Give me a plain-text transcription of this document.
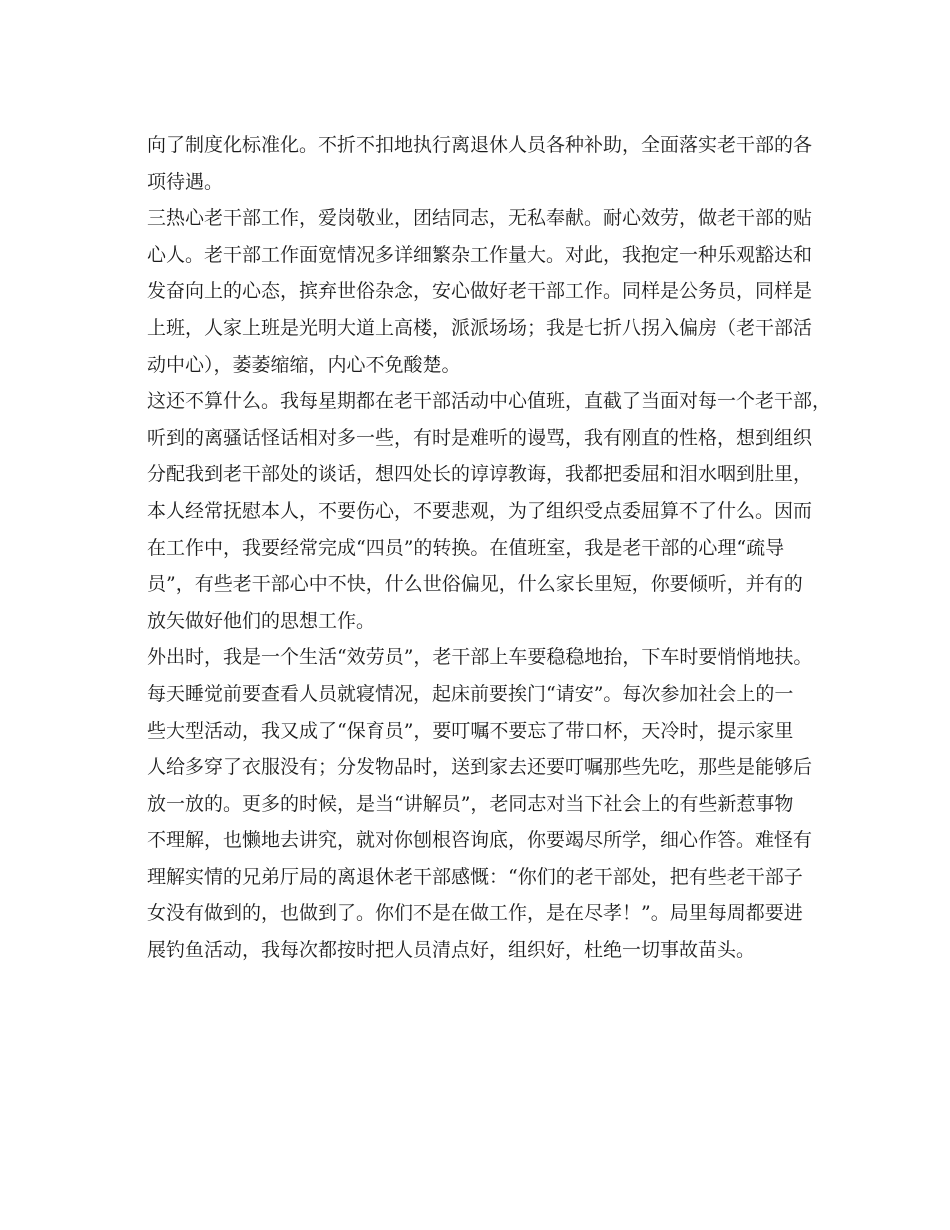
向了制度化标准化。不折不扣地执行离退休人员各种补助，全面落实老干部的各
项待遇。
三热心老干部工作，爱岗敬业，团结同志，无私奉献。耐心效劳，做老干部的贴
心人。老干部工作面宽情况多详细繁杂工作量大。对此，我抱定一种乐观豁达和
发奋向上的心态，摈弃世俗杂念，安心做好老干部工作。同样是公务员，同样是
上班，人家上班是光明大道上高楼，派派场场；我是七折八拐入偏房（老干部活
动中心），萎萎缩缩，内心不免酸楚。
这还不算什么。我每星期都在老干部活动中心值班，直截了当面对每一个老干部，
听到的离骚话怪话相对多一些，有时是难听的谩骂，我有刚直的性格，想到组织
分配我到老干部处的谈话，想四处长的谆谆教诲，我都把委屈和泪水咽到肚里，
本人经常抚慰本人，不要伤心，不要悲观，为了组织受点委屈算不了什么。因而
在工作中，我要经常完成“四员”的转换。在值班室，我是老干部的心理“疏导
员”，有些老干部心中不快，什么世俗偏见，什么家长里短，你要倾听，并有的
放矢做好他们的思想工作。
外出时，我是一个生活“效劳员”，老干部上车要稳稳地抬，下车时要悄悄地扶。
每天睡觉前要查看人员就寝情况，起床前要挨门“请安”。每次参加社会上的一
些大型活动，我又成了“保育员”，要叮嘱不要忘了带口杯，天冷时，提示家里
人给多穿了衣服没有；分发物品时，送到家去还要叮嘱那些先吃，那些是能够后
放一放的。更多的时候，是当“讲解员”，老同志对当下社会上的有些新惹事物
不理解，也懒地去讲究，就对你刨根咨询底，你要竭尽所学，细心作答。难怪有
理解实情的兄弟厅局的离退休老干部感慨：“你们的老干部处，把有些老干部子
女没有做到的，也做到了。你们不是在做工作，是在尽孝！”。局里每周都要进
展钓鱼活动，我每次都按时把人员清点好，组织好，杜绝一切事故苗头。
